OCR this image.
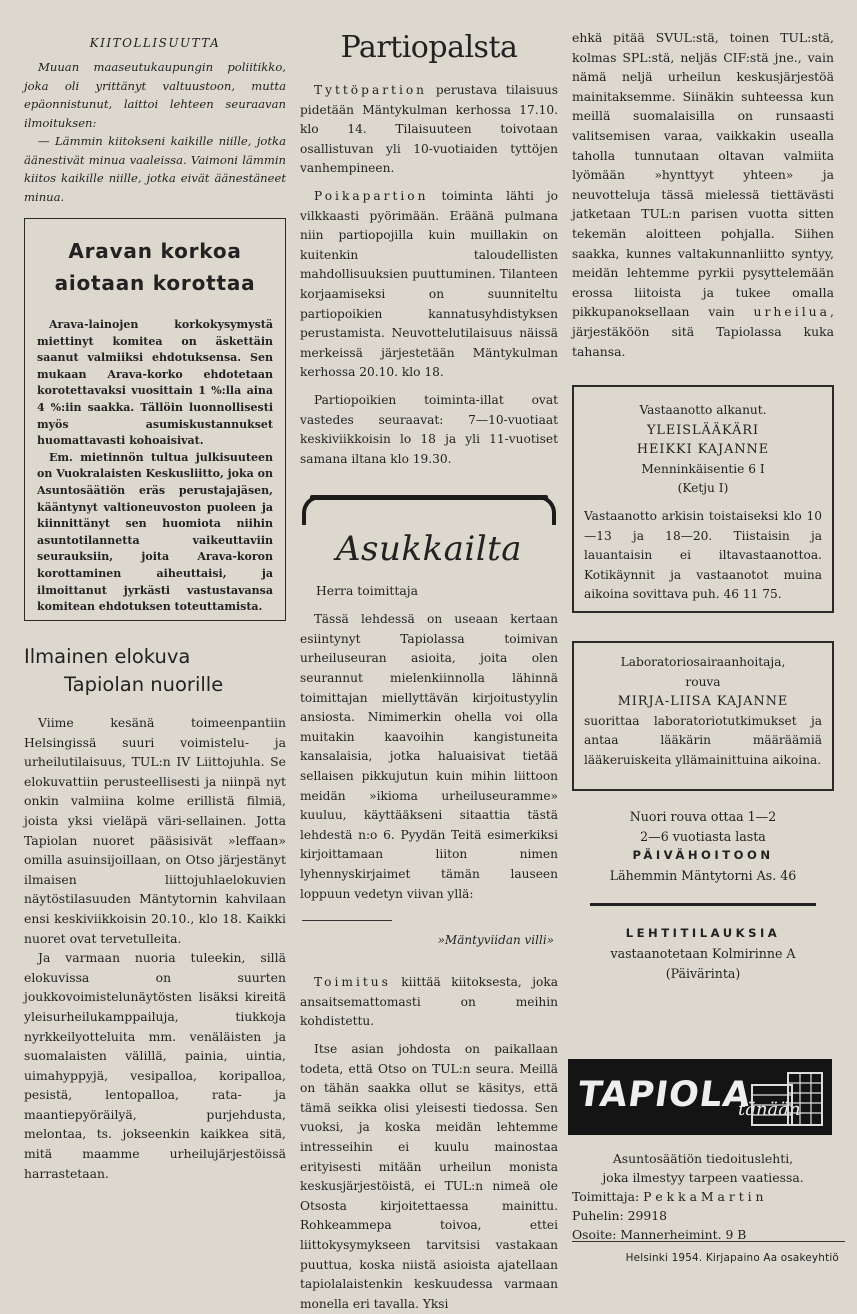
KIITOLLISUUTTA

Muuan maaseutukaupungin poliitikko, joka oli yrittänyt valtuustoon, mutta epäonnistunut, laittoi lehteen seuraavan ilmoituksen:

— Lämmin kiitokseni kaikille niille, jotka äänestivät minua vaaleissa. Vaimoni lämmin kiitos kaikille niille, jotka eivät äänestäneet minua.

Aravan korkoa
aiotaan korottaa

Arava-lainojen korkokysymystä miettinyt komitea on äskettäin saanut valmiiksi ehdotuksensa. Sen mukaan Arava-korko ehdotetaan korotettavaksi vuosittain 1 %:lla aina 4 %:iin saakka. Tällöin luonnollisesti myös asumiskustannukset huomattavasti kohoaisivat.

Em. mietinnön tultua julkisuuteen on Vuokralaisten Keskusliitto, joka on Asuntosäätiön eräs perustajajäsen, kääntynyt valtioneuvoston puoleen ja kiinnittänyt sen huomiota niihin asuntotilannetta vaikeuttaviin seurauksiin, joita Arava-koron korottaminen aiheuttaisi, ja ilmoittanut jyrkästi vastustavansa komitean ehdotuksen toteuttamista.

Ilmainen elokuva
Tapiolan nuorille

Viime kesänä toimeenpantiin Helsingissä suuri voimistelu- ja urheilutilaisuus, TUL:n IV Liittojuhla. Se elokuvattiin perusteellisesti ja niinpä nyt onkin valmiina kolme erillistä filmiä, joista yksi vieläpä väri-sellainen. Jotta Tapiolan nuoret pääsisivät »leffaan» omilla asuinsijoillaan, on Otso järjestänyt ilmaisen liittojuhlaelokuvien näytöstilasuuden Mäntytornin kahvilaan ensi keskiviikkoisin 20.10., klo 18. Kaikki nuoret ovat tervetulleita.

Ja varmaan nuoria tuleekin, sillä elokuvissa on suurten joukkovoimistelunäytösten lisäksi kireitä yleisurheilukamppailuja, tiukkoja nyrkkeilyotteluita mm. venäläisten ja suomalaisten välillä, painia, uintia, uimahyppyjä, vesipalloa, koripalloa, pesistä, lentopalloa, rata- ja maantiepyöräilyä, purjehdusta, melontaa, ts. jokseenkin kaikkea sitä, mitä maamme urheilujärjestöissä harrastetaan.

Partiopalsta

Tyttöpartion perustava tilaisuus pidetään Mäntykulman kerhossa 17.10. klo 14. Tilaisuuteen toivotaan osallistuvan yli 10-vuotiaiden tyttöjen vanhempineen.

Poikapartion toiminta lähti jo vilkkaasti pyörimään. Eräänä pulmana niin partiopojilla kuin muillakin on kuitenkin taloudellisten mahdollisuuksien puuttuminen. Tilanteen korjaamiseksi on suunniteltu partiopoikien kannatusyhdistyksen perustamista. Neuvottelutilaisuus näissä merkeissä järjestetään Mäntykulman kerhossa 20.10. klo 18.

Partiopoikien toiminta-illat ovat vastedes seuraavat: 7—10-vuotiaat keskiviikkoisin lo 18 ja yli 11-vuotiset samana iltana klo 19.30.

Asukkailta
Herra toimittaja

Tässä lehdessä on useaan kertaan esiintynyt Tapiolassa toimivan urheiluseuran asioita, joita olen seurannut mielenkiinnolla lähinnä toimittajan miellyttävän kirjoitustyylin ansiosta. Nimimerkin ohella voi olla muitakin kaavoihin kangistuneita kansalaisia, jotka haluaisivat tietää sellaisen pikkujutun kuin mihin liittoon meidän »ikioma urheiluseuramme» kuuluu, käyttääkseni sitaattia tästä lehdestä n:o 6. Pyydän Teitä esimerkiksi kirjoittamaan liiton nimen lyhennyskirjaimet tämän lauseen loppuun vedetyn viivan yllä:

»Mäntyviidan villi»

Toimitus kiittää kiitoksesta, joka ansaitsemattomasti on meihin kohdistettu.

Itse asian johdosta on paikallaan todeta, että Otso on TUL:n seura. Meillä on tähän saakka ollut se käsitys, että tämä seikka olisi yleisesti tiedossa. Sen vuoksi, ja koska meidän lehtemme intresseihin ei kuulu mainostaa erityisesti mitään urheilun monista keskusjärjestöistä, ei TUL:n nimeä ole Otsosta kirjoitettaessa mainittu. Rohkeammepa toivoa, ettei liittokysymykseen tarvitsisi vastakaan puuttua, koska niistä asioista ajatellaan tapiolalaistenkin keskuudessa varmaan monella eri tavalla. Yksi

ehkä pitää SVUL:stä, toinen TUL:stä, kolmas SPL:stä, neljäs CIF:stä jne., vain nämä neljä urheilun keskusjärjestöä mainitaksemme. Siinäkin suhteessa kun meillä suomalaisilla on runsaasti valitsemisen varaa, vaikkakin usealla taholla tunnutaan oltavan valmiita lyömään »hynttyyt yhteen» ja neuvotteluja tässä mielessä tiettävästi jatketaan TUL:n parisen vuotta sitten tekemän aloitteen pohjalla. Siihen saakka, kunnes valtakunnanliitto syntyy, meidän lehtemme pyrkii pysyttelemään erossa liitoista ja tukee omalla pikkupanoksellaan vain urheilua, järjestäköön sitä Tapiolassa kuka tahansa.

Vastaanotto alkanut.

YLEISLÄÄKÄRI

HEIKKI KAJANNE

Menninkäisentie 6 I

(Ketju I)

Vastaanotto arkisin toistaiseksi klo 10—13 ja 18—20. Tiistaisin ja lauantaisin ei iltavastaanottoa. Kotikäynnit ja vastaanotot muina aikoina sovittava puh. 46 11 75.

Laboratoriosairaanhoitaja,

rouva

MIRJA-LIISA KAJANNE

suorittaa laboratoriotutkimukset ja antaa lääkärin määräämiä lääkeruiskeita yllämainittuina aikoina.

Nuori rouva ottaa 1—2
2—6 vuotiasta lasta
PÄIVÄHOITOON
Lähemmin Mäntytorni As. 46
LEHTITILAUKSIA
vastaanotetaan Kolmirinne A
(Päivärinta)
TAPIOLA
tänään
Asuntosäätiön tiedoituslehti,
joka ilmestyy tarpeen vaatiessa.
Toimittaja: P e k k a M a r t i n
Puhelin: 29918
Osoite: Mannerheimint. 9 B
Helsinki 1954. Kirjapaino Aa osakeyhtiö
